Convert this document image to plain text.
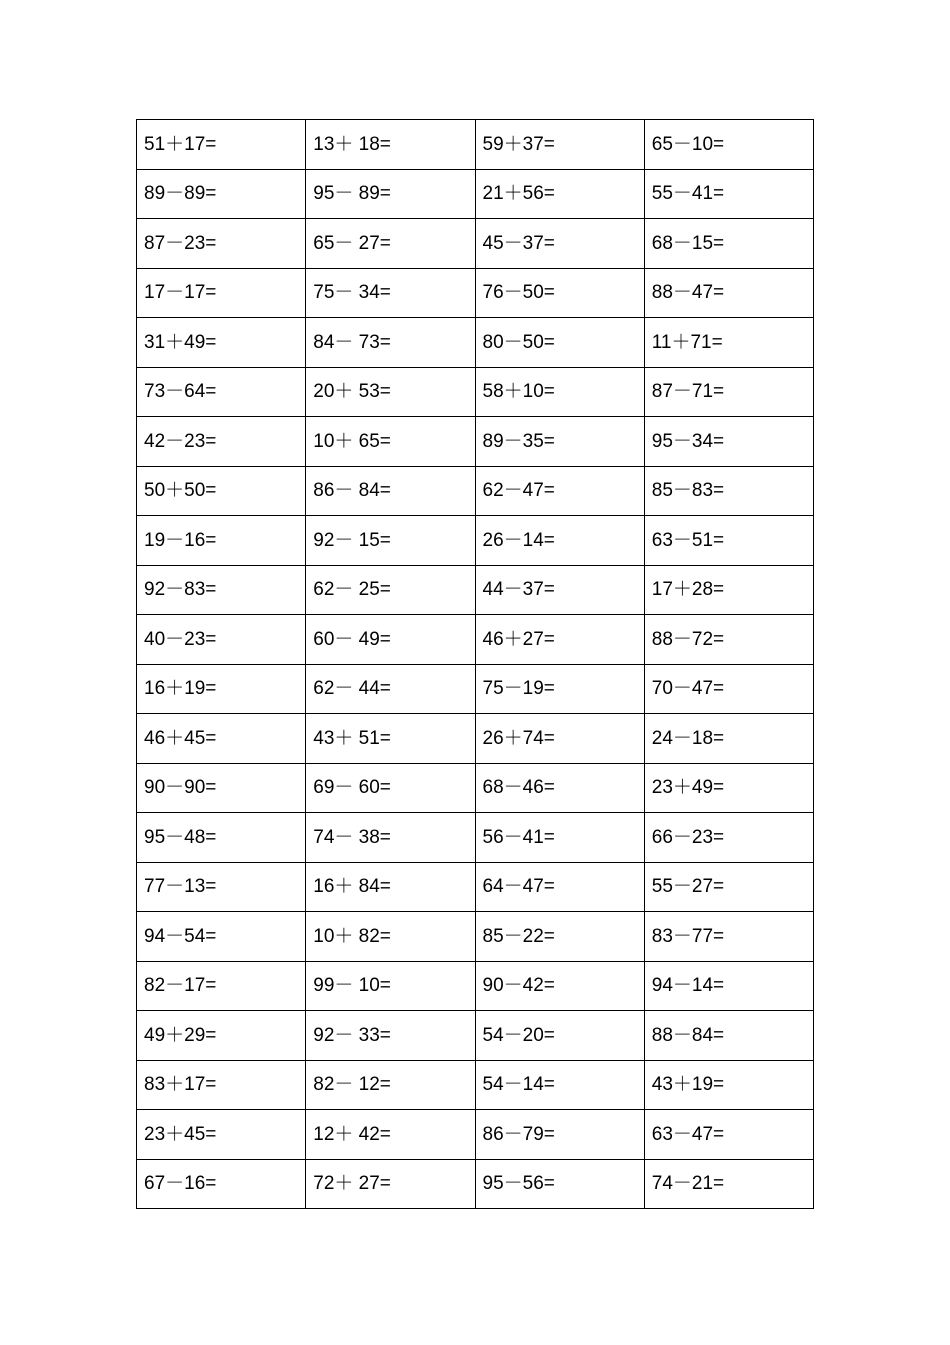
51＋17=	13＋ 18=	59＋37=	65－10=
89－89=	95－ 89=	21＋56=	55－41=
87－23=	65－ 27=	45－37=	68－15=
17－17=	75－ 34=	76－50=	88－47=
31＋49=	84－ 73=	80－50=	11＋71=
73－64=	20＋ 53=	58＋10=	87－71=
42－23=	10＋ 65=	89－35=	95－34=
50＋50=	86－ 84=	62－47=	85－83=
19－16=	92－ 15=	26－14=	63－51=
92－83=	62－ 25=	44－37=	17＋28=
40－23=	60－ 49=	46＋27=	88－72=
16＋19=	62－ 44=	75－19=	70－47=
46＋45=	43＋ 51=	26＋74=	24－18=
90－90=	69－ 60=	68－46=	23＋49=
95－48=	74－ 38=	56－41=	66－23=
77－13=	16＋ 84=	64－47=	55－27=
94－54=	10＋ 82=	85－22=	83－77=
82－17=	99－ 10=	90－42=	94－14=
49＋29=	92－ 33=	54－20=	88－84=
83＋17=	82－ 12=	54－14=	43＋19=
23＋45=	12＋ 42=	86－79=	63－47=
67－16=	72＋ 27=	95－56=	74－21=
